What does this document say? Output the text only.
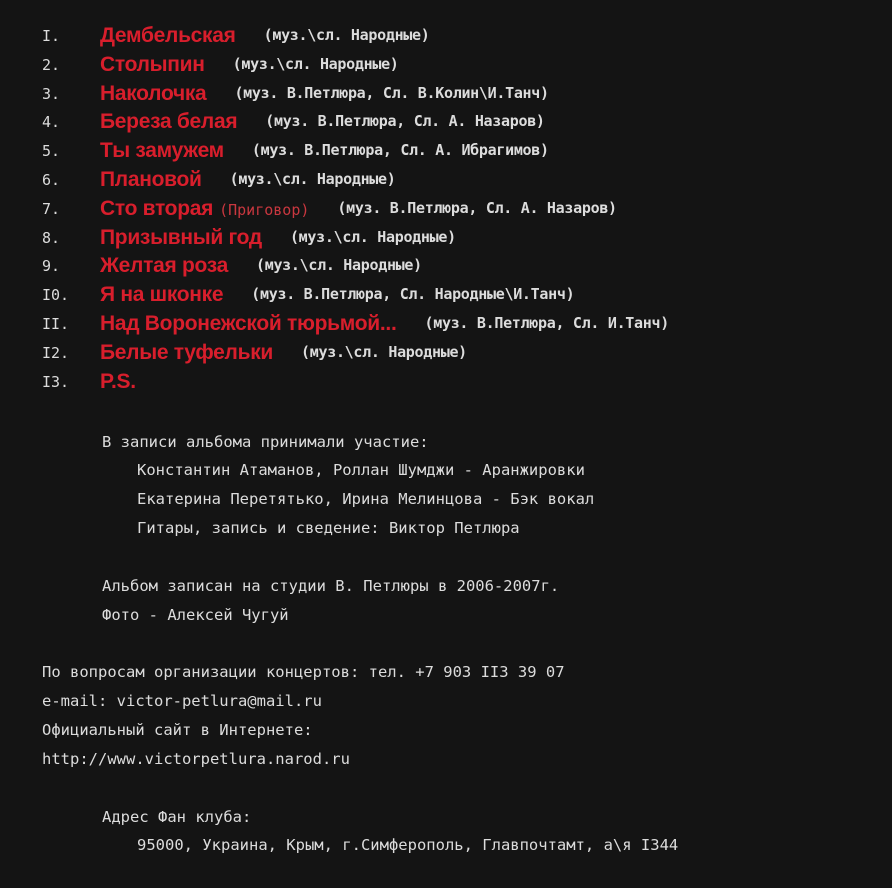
I. Дембельская (муз.\сл. Народные)
2. Столыпин (муз.\сл. Народные)
3. Наколочка (муз. В.Петлюра, Сл. В.Колин\И.Танч)
4. Береза белая (муз. В.Петлюра, Сл. А. Назаров)
5. Ты замужем (муз. В.Петлюра, Сл. А. Ибрагимов)
6. Плановой (муз.\сл. Народные)
7. Сто вторая (Приговор) (муз. В.Петлюра, Сл. А. Назаров)
8. Призывный год (муз.\сл. Народные)
9. Желтая роза (муз.\сл. Народные)
I0. Я на шконке (муз. В.Петлюра, Сл. Народные\И.Танч)
II. Над Воронежской тюрьмой... (муз. В.Петлюра, Сл. И.Танч)
I2. Белые туфельки (муз.\сл. Народные)
I3. P.S.
В записи альбома принимали участие:
Константин Атаманов, Роллан Шумджи - Аранжировки
Екатерина Перетятько, Ирина Мелинцова - Бэк вокал
Гитары, запись и сведение: Виктор Петлюра
Альбом записан на студии В. Петлюры в 2006-2007г.
Фото - Алексей Чугуй
По вопросам организации концертов: тел. +7 903 II3 39 07
e-mail: victor-petlura@mail.ru
Официальный сайт в Интернете:
http://www.victorpetlura.narod.ru
Адрес Фан клуба:
95000, Украина, Крым, г.Симферополь, Главпочтамт, а\я I344
